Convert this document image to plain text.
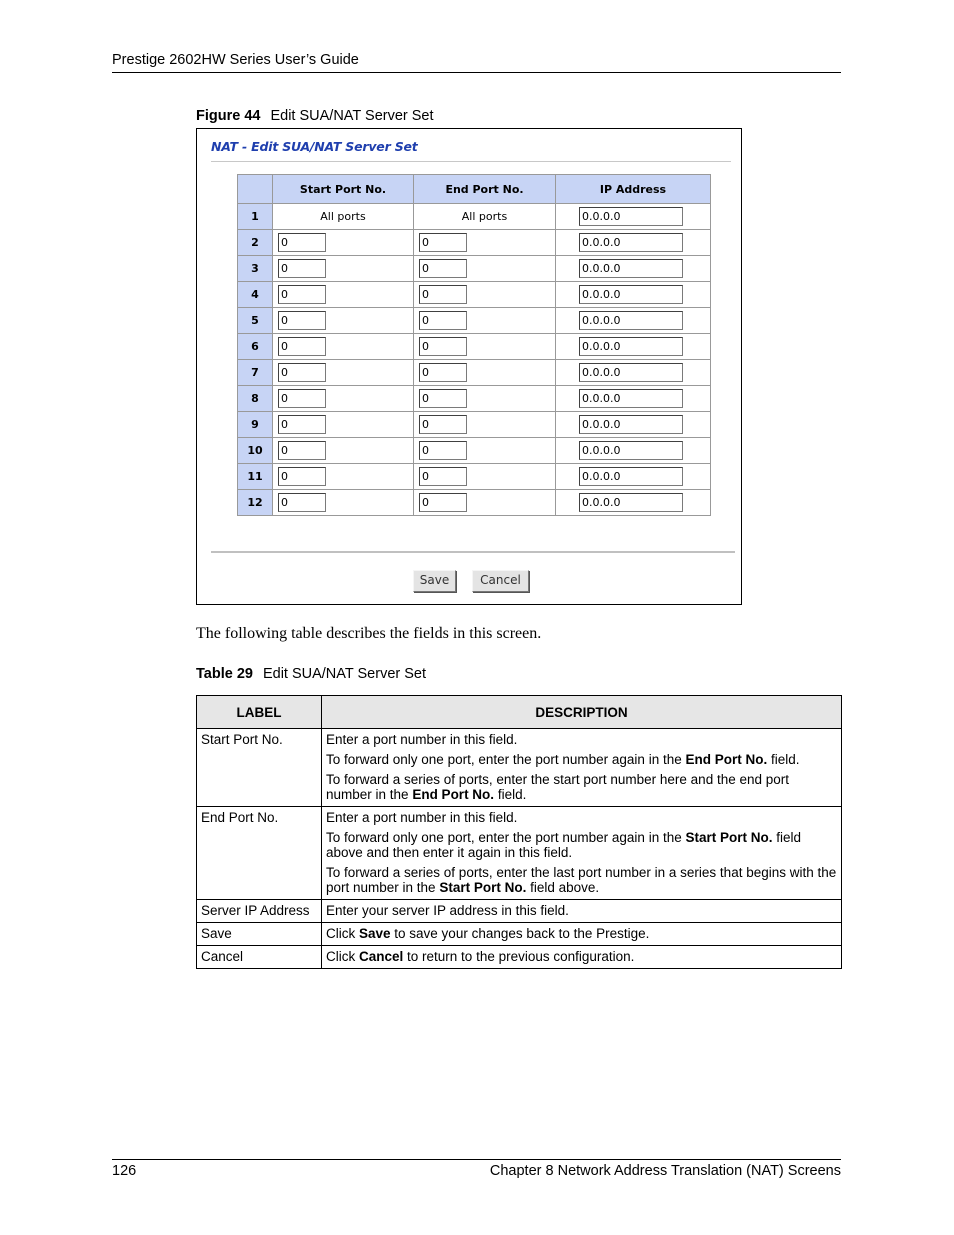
Prestige 2602HW Series User’s Guide
Figure 44 Edit SUA/NAT Server Set
NAT - Edit SUA/NAT Server Set
	Start Port No.	End Port No.	IP Address
1	All ports	All ports	0.0.0.0

2	0	0	0.0.0.0

3	0	0	0.0.0.0

4	0	0	0.0.0.0

5	0	0	0.0.0.0

6	0	0	0.0.0.0

7	0	0	0.0.0.0

8	0	0	0.0.0.0

9	0	0	0.0.0.0

10	0	0	0.0.0.0

11	0	0	0.0.0.0

12	0	0	0.0.0.0
Save	Cancel
The following table describes the fields in this screen.
Table 29 Edit SUA/NAT Server Set
LABEL	DESCRIPTION
Start Port No.	Enter a port number in this field.

To forward only one port, enter the port number again in the End Port No. field.

To forward a series of ports, enter the start port number here and the end port number in the End Port No. field.

End Port No.	Enter a port number in this field.

To forward only one port, enter the port number again in the Start Port No. field above and then enter it again in this field.

To forward a series of ports, enter the last port number in a series that begins with the port number in the Start Port No. field above.

Server IP Address	Enter your server IP address in this field.

Save	Click Save to save your changes back to the Prestige.

Cancel	Click Cancel to return to the previous configuration.

126	Chapter 8 Network Address Translation (NAT) Screens
